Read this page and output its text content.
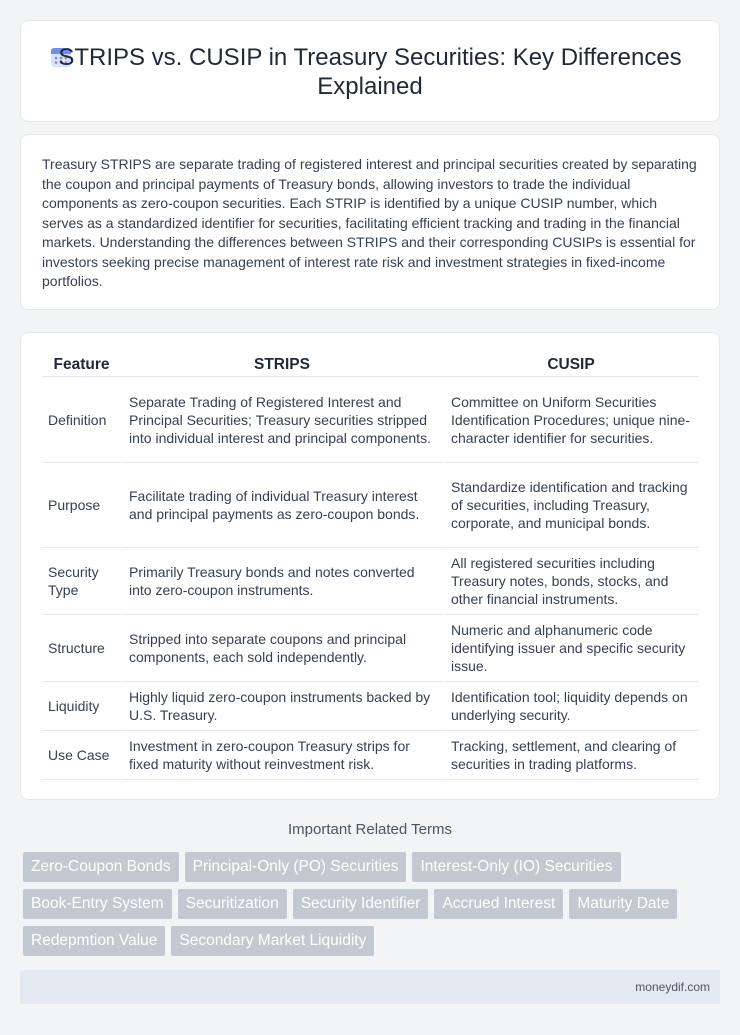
STRIPS vs. CUSIP in Treasury Securities: Key Differences Explained

Treasury STRIPS are separate trading of registered interest and principal securities created by separating the coupon and principal payments of Treasury bonds, allowing investors to trade the individual components as zero-coupon securities. Each STRIP is identified by a unique CUSIP number, which serves as a standardized identifier for securities, facilitating efficient tracking and trading in the financial markets. Understanding the differences between STRIPS and their corresponding CUSIPs is essential for investors seeking precise management of interest rate risk and investment strategies in fixed-income portfolios.

Feature	STRIPS	CUSIP
Definition	Separate Trading of Registered Interest and Principal Securities; Treasury securities stripped into individual interest and principal components.	Committee on Uniform Securities Identification Procedures; unique nine-character identifier for securities.
Purpose	Facilitate trading of individual Treasury interest and principal payments as zero-coupon bonds.	Standardize identification and tracking of securities, including Treasury, corporate, and municipal bonds.
Security Type	Primarily Treasury bonds and notes converted into zero-coupon instruments.	All registered securities including Treasury notes, bonds, stocks, and other financial instruments.
Structure	Stripped into separate coupons and principal components, each sold independently.	Numeric and alphanumeric code identifying issuer and specific security issue.
Liquidity	Highly liquid zero-coupon instruments backed by U.S. Treasury.	Identification tool; liquidity depends on underlying security.
Use Case	Investment in zero-coupon Treasury strips for fixed maturity without reinvestment risk.	Tracking, settlement, and clearing of securities in trading platforms.
Important Related Terms
Zero-Coupon Bonds	Principal-Only (PO) Securities	Interest-Only (IO) Securities
Book-Entry System	Securitization	Security Identifier	Accrued Interest	Maturity Date
Redepmtion Value	Secondary Market Liquidity
moneydif.com
